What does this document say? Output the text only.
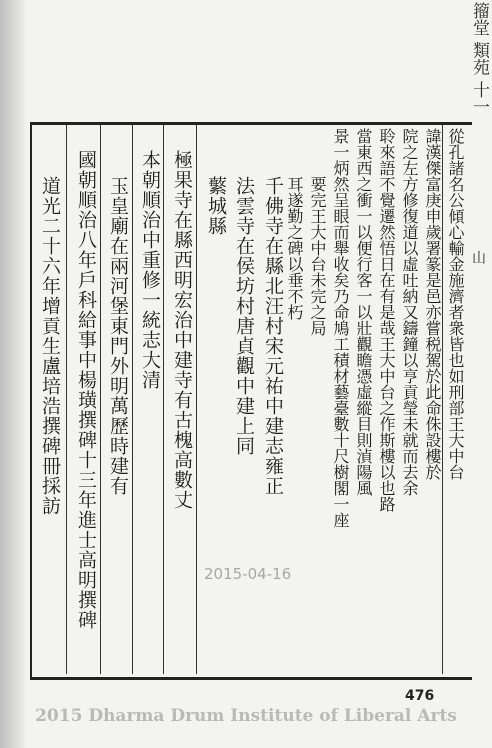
籀堂 類苑 十一
從孔諸名公傾心輸金施濟者衆皆也如刑部王大中台
諱漢傑富庚申歲署篆是邑亦嘗税駕於此命侏設樓於
院之左方修復道以虛吐納又鑄鐘以亨貢瑩未就而去余
聆來語不覺遷然悟日在有是哉王大中台之作斯樓以也路
當東西之衝一以便行客一以壯觀瞻憑虛縱目則湞陽風
景一炳然呈眼而舉收矣乃命鳩工積材藝臺數十尺樹閣一座
要完王大中台未完之局
耳遂勤之碑以垂不朽
千佛寺在縣北汪村宋元祐中建志雍正
法雲寺在侯坊村唐貞觀中建上同
蘩城縣
極果寺在縣西明宏治中建寺有古槐高數丈
本朝順治中重修一統志大清
玉皇廟在兩河堡東門外明萬歷時建有
國朝順治八年戶科給事中楊璜撰碑十三年進士高明撰碑
道光二十六年增貢生盧培浩撰碑冊採訪	山
2015-04-16
476
2015 Dharma Drum Institute of Liberal Arts
